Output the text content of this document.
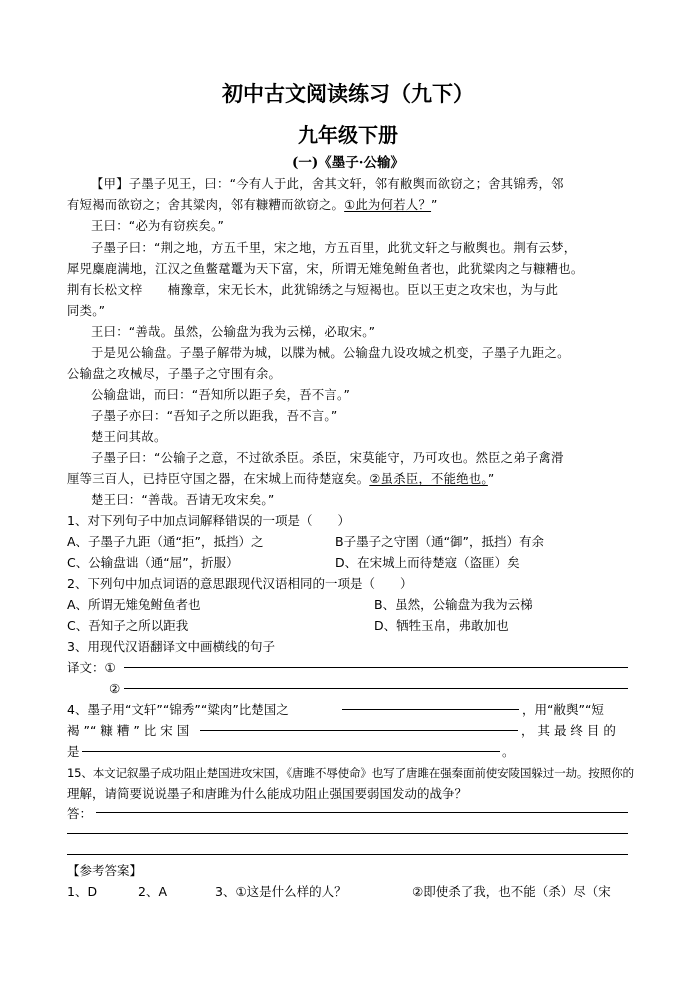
初中古文阅读练习（九下）
九年级下册
(一)《墨子·公输》
【甲】子墨子见王，曰：“今有人于此，舍其文轩，邻有敝舆而欲窃之；舍其锦秀，邻
有短褐而欲窃之；舍其粱肉，邻有糠糟而欲窃之。①此为何若人？”
王曰：“必为有窃疾矣。”
子墨子曰：“荆之地，方五千里，宋之地，方五百里，此犹文轩之与敝舆也。荆有云梦，
犀兕麋鹿满地，江汉之鱼鳖鼋鼍为天下富，宋，所谓无雉兔鲋鱼者也，此犹粱肉之与糠糟也。
荆有长松文梓　　楠豫章，宋无长木，此犹锦绣之与短褐也。臣以王吏之攻宋也，为与此
同类。”
王曰：“善哉。虽然，公输盘为我为云梯，必取宋。”
于是见公输盘。子墨子解带为城，以牒为械。公输盘九设攻城之机变，子墨子九距之。
公输盘之攻械尽，子墨子之守围有余。
公输盘诎，而曰：“吾知所以距子矣，吾不言。”
子墨子亦曰：“吾知子之所以距我，吾不言。”
楚王问其故。
子墨子曰：“公输子之意，不过欲杀臣。杀臣，宋莫能守，乃可攻也。然臣之弟子禽滑
厘等三百人，已持臣守国之器，在宋城上而待楚寇矣。②虽杀臣，不能绝也。”
楚王曰：“善哉。吾请无攻宋矣。”
1、对下列句子中加点词解释错误的一项是（　　）
A、子墨子九距（通“拒”，抵挡）之	B子墨子之守圉（通“御”，抵挡）有余
C、公输盘诎（通“屈”，折服）	D、在宋城上而待楚寇（盗匪）矣
2、下列句中加点词语的意思跟现代汉语相同的一项是（　　）
A、所谓无雉兔鲋鱼者也	B、虽然，公输盘为我为云梯
C、吾知子之所以距我	D、牺牲玉帛，弗敢加也
3、用现代汉语翻译文中画横线的句子
译文：①
②
4、墨子用“文轩”“锦秀”“粱肉”比楚国之	，用“敝舆”“短
褐 ”“ 糠 糟 ” 比 宋 国	， 其 最 终 目 的
是	。
15、本文记叙墨子成功阻止楚国进攻宋国，《唐雎不辱使命》也写了唐雎在强秦面前使安陵国躲过一劫。按照你的
理解，请简要说说墨子和唐雎为什么能成功阻止强国要弱国发动的战争？
答：
【参考答案】
1、D	2、A	3、①这是什么样的人？	②即使杀了我，也不能（杀）尽（宋
